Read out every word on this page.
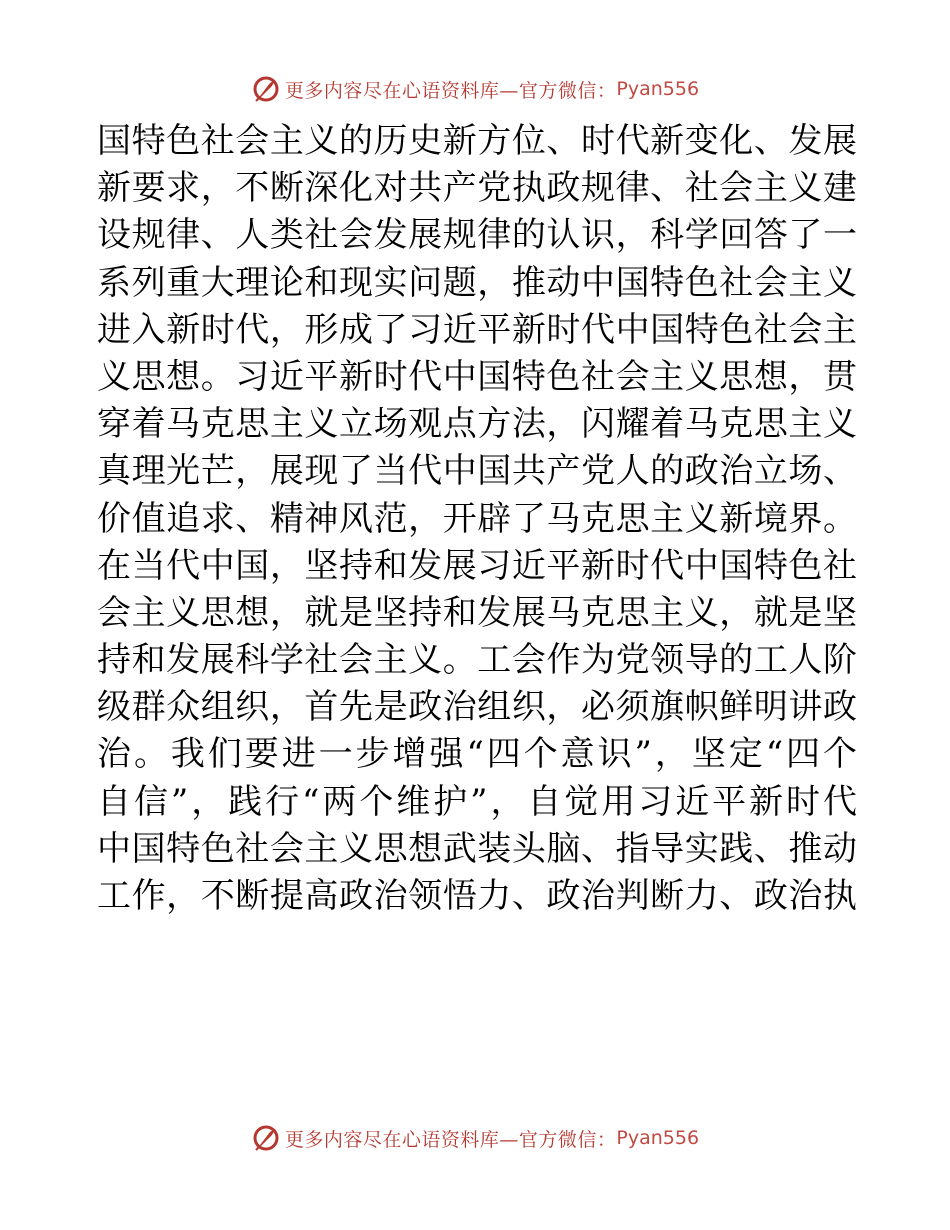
更多内容尽在心语资料库—官方微信： Pyan556
国特色社会主义的历史新方位、时代新变化、发展
新要求，不断深化对共产党执政规律、社会主义建
设规律、人类社会发展规律的认识，科学回答了一
系列重大理论和现实问题，推动中国特色社会主义
进入新时代，形成了习近平新时代中国特色社会主
义思想。习近平新时代中国特色社会主义思想，贯
穿着马克思主义立场观点方法，闪耀着马克思主义
真理光芒，展现了当代中国共产党人的政治立场、
价值追求、精神风范，开辟了马克思主义新境界。
在当代中国，坚持和发展习近平新时代中国特色社
会主义思想，就是坚持和发展马克思主义，就是坚
持和发展科学社会主义。工会作为党领导的工人阶
级群众组织，首先是政治组织，必须旗帜鲜明讲政
治。我们要进一步增强“四个意识”，坚定“四个
自信”，践行“两个维护”，自觉用习近平新时代
中国特色社会主义思想武装头脑、指导实践、推动
工作，不断提高政治领悟力、政治判断力、政治执
更多内容尽在心语资料库—官方微信： Pyan556
